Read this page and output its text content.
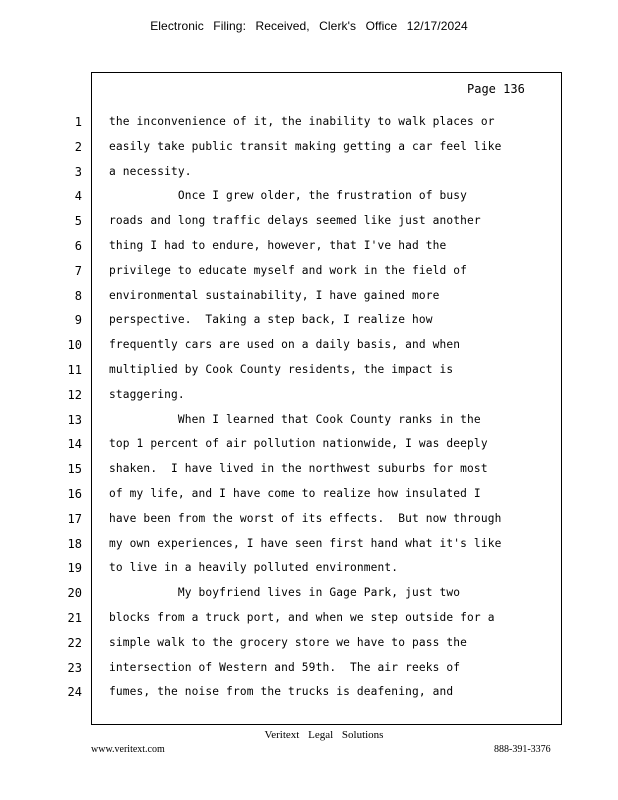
Electronic Filing: Received, Clerk's Office 12/17/2024
Page 136
1
2
3
4
5
6
7
8
9
10
11
12
13
14
15
16
17
18
19
20
21
22
23
24
the inconvenience of it, the inability to walk places or
easily take public transit making getting a car feel like
a necessity.
Once I grew older, the frustration of busy
roads and long traffic delays seemed like just another
thing I had to endure, however, that I've had the
privilege to educate myself and work in the field of
environmental sustainability, I have gained more
perspective.  Taking a step back, I realize how
frequently cars are used on a daily basis, and when
multiplied by Cook County residents, the impact is
staggering.
When I learned that Cook County ranks in the
top 1 percent of air pollution nationwide, I was deeply
shaken.  I have lived in the northwest suburbs for most
of my life, and I have come to realize how insulated I
have been from the worst of its effects.  But now through
my own experiences, I have seen first hand what it's like
to live in a heavily polluted environment.
My boyfriend lives in Gage Park, just two
blocks from a truck port, and when we step outside for a
simple walk to the grocery store we have to pass the
intersection of Western and 59th.  The air reeks of
fumes, the noise from the trucks is deafening, and
Veritext Legal Solutions
www.veritext.com	888-391-3376
